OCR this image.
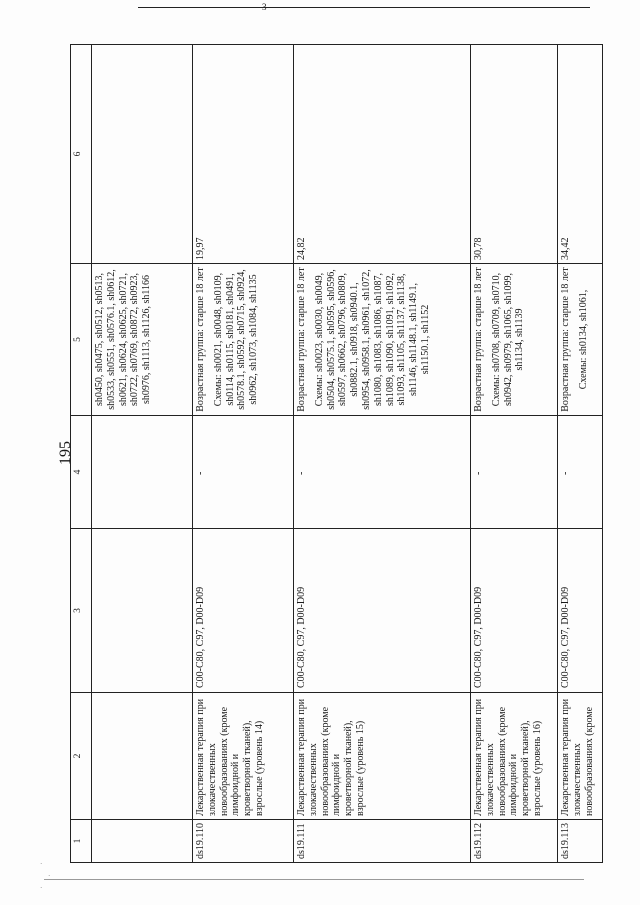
3
195
1	2	3	4	5	6
				sh0450, sh0475, sh0512, sh0513, sh0533, sh0551, sh0576.1, sh0612, sh0621, sh0624, sh0625, sh0721, sh0722, sh0769, sh0872, sh0923, sh0976, sh1113, sh1126, sh1166	
ds19.110	Лекарственная терапия при злокачественных новообразованиях (кроме лимфоидной и кроветворной тканей), взрослые (уровень 14)	C00-C80, C97, D00-D09	-	Возрастная группа: старше 18 лет Схемы: sh0021, sh0048, sh0109, sh0114, sh0115, sh0181, sh0491, sh0578.1, sh0592, sh0715, sh0924, sh0962, sh1073, sh1084, sh1135	19,97
ds19.111	Лекарственная терапия при злокачественных новообразованиях (кроме лимфоидной и кроветворной тканей), взрослые (уровень 15)	C00-C80, C97, D00-D09	-	Возрастная группа: старше 18 лет Схемы: sh0023, sh0030, sh0049, sh0504, sh0575.1, sh0595, sh0596, sh0597, sh0662, sh0796, sh0809, sh0882.1, sh0918, sh0940.1, sh0954, sh0958.1, sh0961, sh1072, sh1080, sh1083, sh1086, sh1087, sh1089, sh1090, sh1091, sh1092, sh1093, sh1105, sh1137, sh1138, sh1146, sh1148.1, sh1149.1, sh1150.1, sh1152	24,82
ds19.112	Лекарственная терапия при злокачественных новообразованиях (кроме лимфоидной и кроветворной тканей), взрослые (уровень 16)	C00-C80, C97, D00-D09	-	Возрастная группа: старше 18 лет Схемы: sh0708, sh0709, sh0710, sh0942, sh0979, sh1065, sh1099, sh1134, sh1139	30,78
ds19.113	Лекарственная терапия при злокачественных новообразованиях (кроме	C00-C80, C97, D00-D09	-	Возрастная группа: старше 18 лет Схемы: sh0134, sh1061,	34,42
·
·
·
